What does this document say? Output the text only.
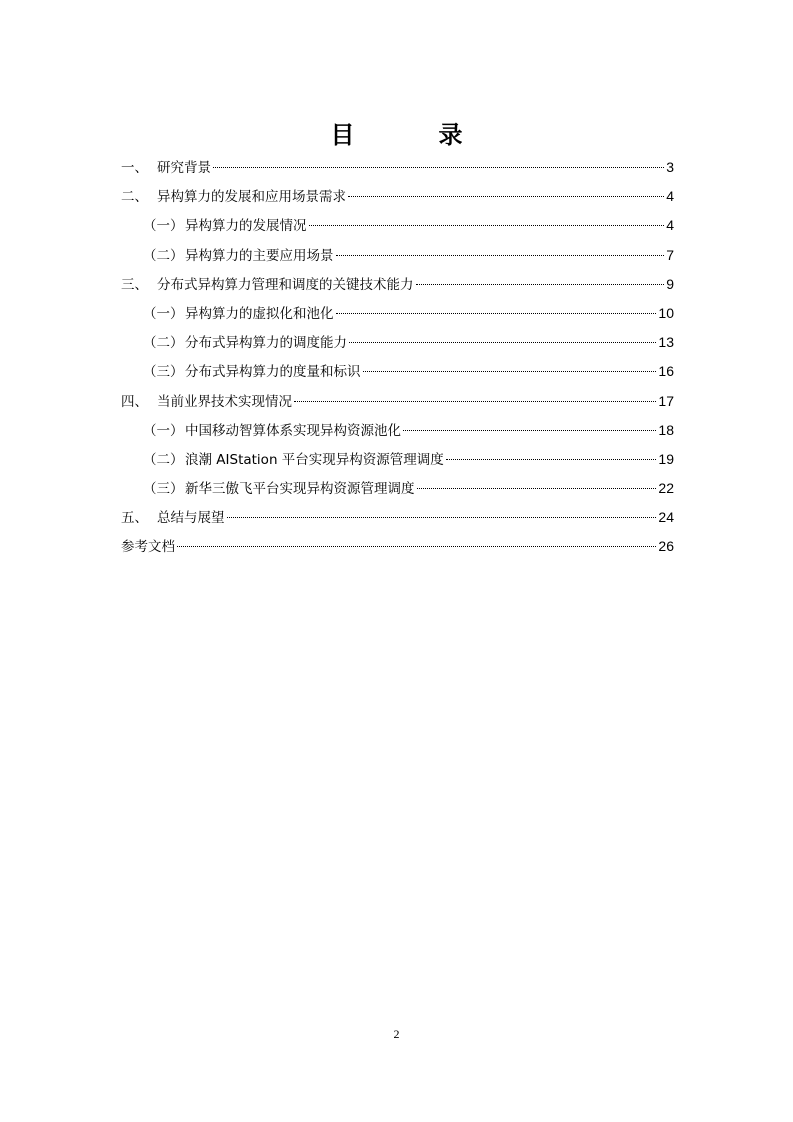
目　录
一、 研究背景	3
二、 异构算力的发展和应用场景需求	4
（一） 异构算力的发展情况	4
（二） 异构算力的主要应用场景	7
三、 分布式异构算力管理和调度的关键技术能力	9
（一） 异构算力的虚拟化和池化	10
（二） 分布式异构算力的调度能力	13
（三） 分布式异构算力的度量和标识	16
四、 当前业界技术实现情况	17
（一） 中国移动智算体系实现异构资源池化	18
（二） 浪潮 AIStation 平台实现异构资源管理调度	19
（三） 新华三傲飞平台实现异构资源管理调度	22
五、 总结与展望	24
参考文档	26
2
